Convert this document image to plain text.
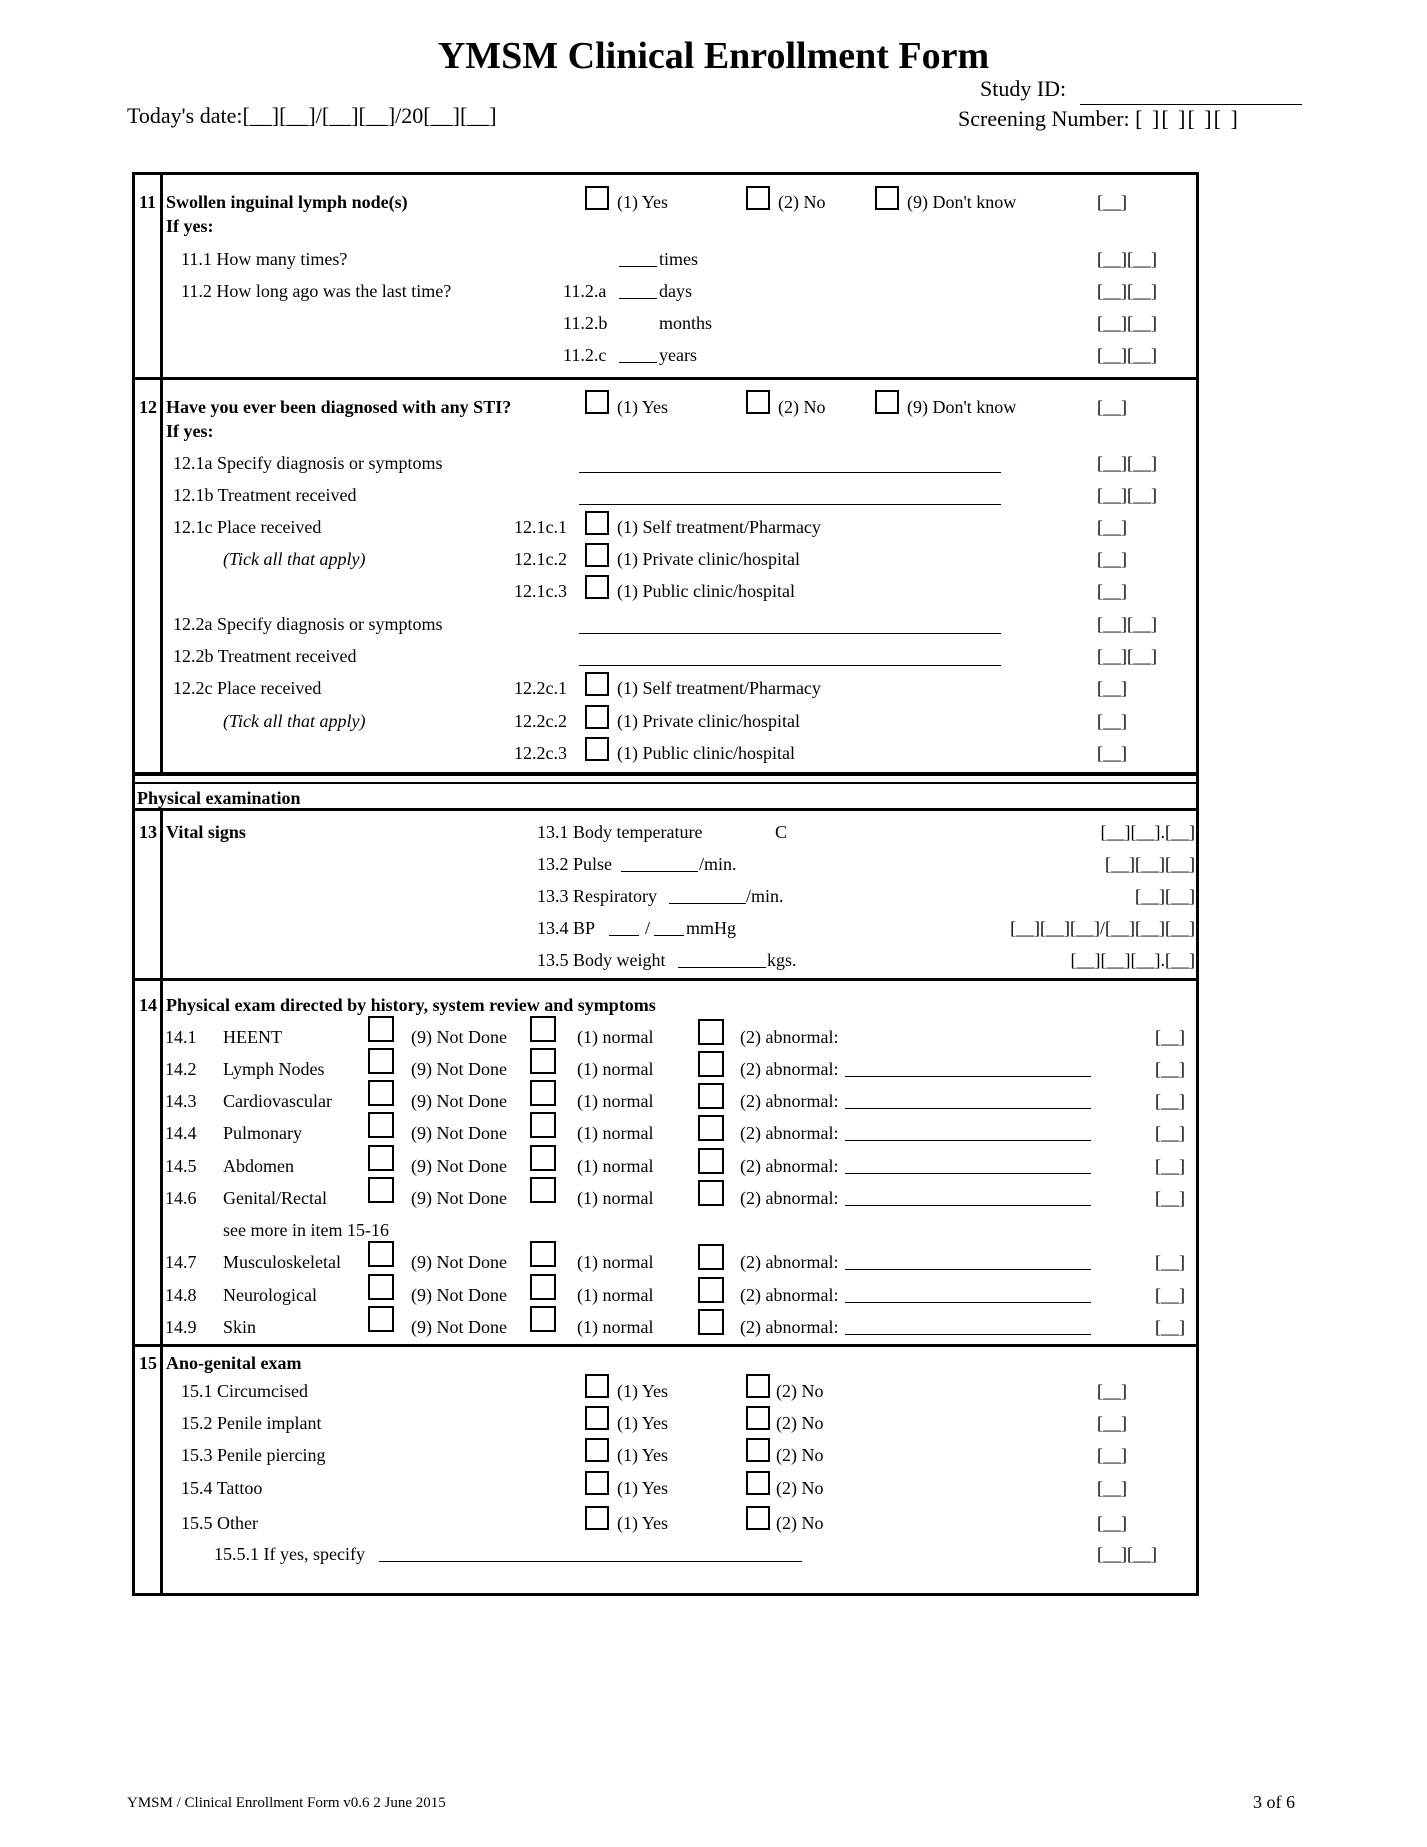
YMSM Clinical Enrollment Form
Today's date:[__][__]/[__][__]/20[__][__]
Study ID:
Screening Number: [ ][ ][ ][ ]
11 Swollen inguinal lymph node(s)
If yes:
(1) Yes	(2) No	(9) Don't know	[__]
11.1 How many times?	times	[__][__]
11.2 How long ago was the last time?	11.2.a	days	[__][__]
11.2.b	months	[__][__]
11.2.c	years	[__][__]
12 Have you ever been diagnosed with any STI?
If yes:
(1) Yes	(2) No	(9) Don't know	[__]
12.1a Specify diagnosis or symptoms	[__][__]
12.1b Treatment received	[__][__]
12.1c Place received	12.1c.1	(1) Self treatment/Pharmacy	[__]
(Tick all that apply)	12.1c.2	(1) Private clinic/hospital	[__]
12.1c.3	(1) Public clinic/hospital	[__]
12.2a Specify diagnosis or symptoms	[__][__]
12.2b Treatment received	[__][__]
12.2c Place received	12.2c.1	(1) Self treatment/Pharmacy	[__]
(Tick all that apply)	12.2c.2	(1) Private clinic/hospital	[__]
12.2c.3	(1) Public clinic/hospital	[__]
Physical examination
13 Vital signs	13.1 Body temperature	C	[__][__].[__]
13.2 Pulse	/min.	[__][__][__]
13.3 Respiratory	/min.	[__][__]
13.4 BP	/ mmHg	[__][__][__]/[__][__][__]
13.5 Body weight	kgs.	[__][__][__].[__]
14 Physical exam directed by history, system review and symptoms
14.1 HEENT	(9) Not Done	(1) normal	(2) abnormal:	[__]
14.2 Lymph Nodes	(9) Not Done	(1) normal	(2) abnormal:	[__]
14.3 Cardiovascular	(9) Not Done	(1) normal	(2) abnormal:	[__]
14.4 Pulmonary	(9) Not Done	(1) normal	(2) abnormal:	[__]
14.5 Abdomen	(9) Not Done	(1) normal	(2) abnormal:	[__]
14.6 Genital/Rectal	(9) Not Done	(1) normal	(2) abnormal:	[__]
see more in item 15-16
14.7 Musculoskeletal	(9) Not Done	(1) normal	(2) abnormal:	[__]
14.8 Neurological	(9) Not Done	(1) normal	(2) abnormal:	[__]
14.9 Skin	(9) Not Done	(1) normal	(2) abnormal:	[__]
15 Ano-genital exam
15.1 Circumcised	(1) Yes	(2) No	[__]
15.2 Penile implant	(1) Yes	(2) No	[__]
15.3 Penile piercing	(1) Yes	(2) No	[__]
15.4 Tattoo	(1) Yes	(2) No	[__]
15.5 Other	(1) Yes	(2) No	[__]
15.5.1 If yes, specify	[__][__]
YMSM / Clinical Enrollment Form v0.6 2 June 2015	3 of 6
